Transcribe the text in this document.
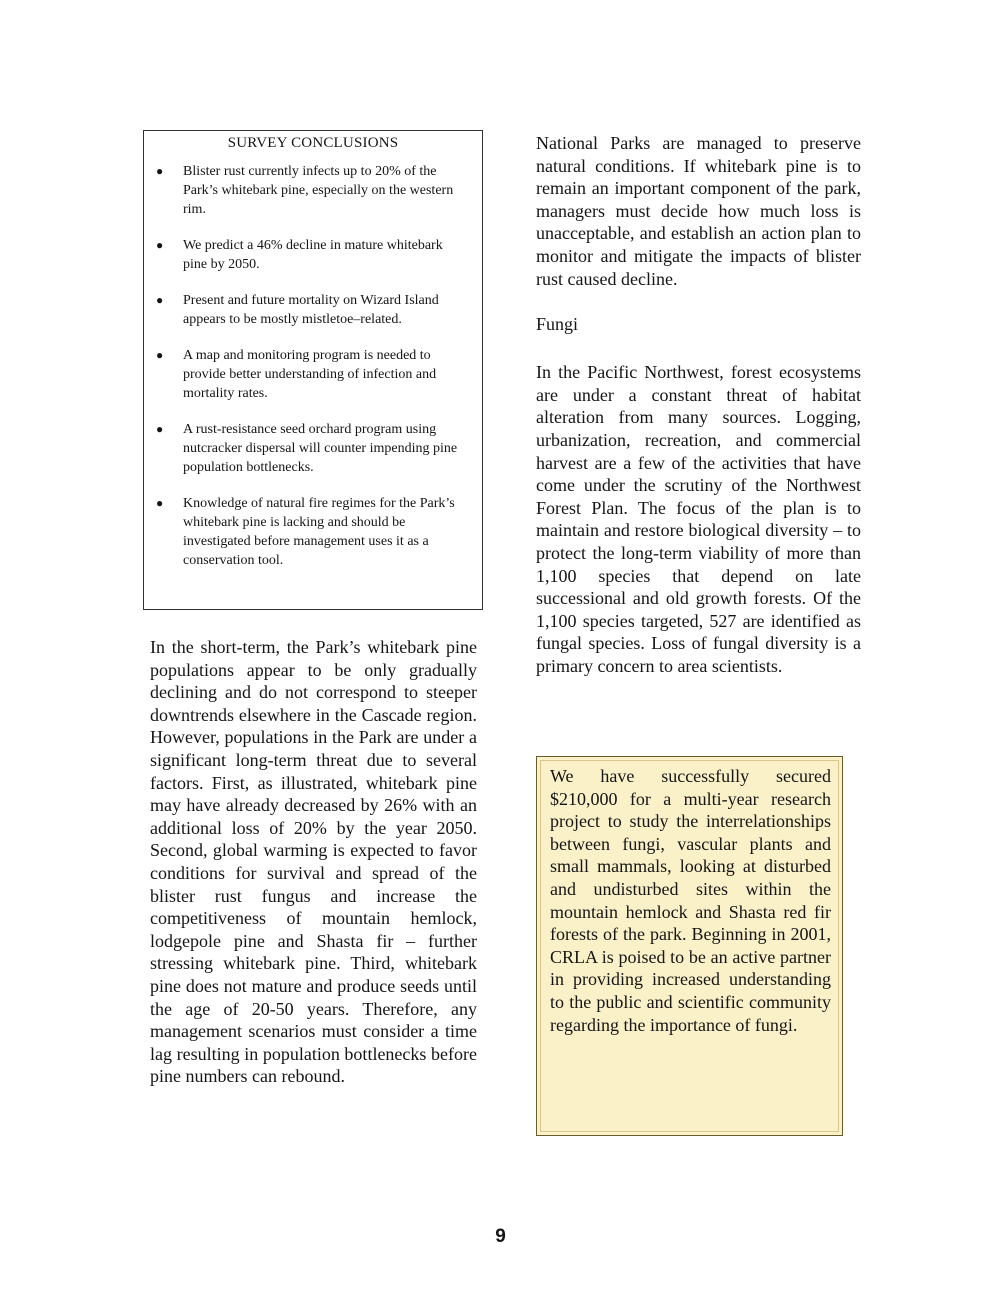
SURVEY CONCLUSIONS
● Blister rust currently infects up to 20% of the Park’s whitebark pine, especially on the western rim.
● We predict a 46% decline in mature whitebark pine by 2050.
● Present and future mortality on Wizard Island appears to be mostly mistletoe–related.
● A map and monitoring program is needed to provide better understanding of infection and mortality rates.
● A rust-resistance seed orchard program using nutcracker dispersal will counter impending pine population bottlenecks.
● Knowledge of natural fire regimes for the Park’s whitebark pine is lacking and should be investigated before management uses it as a conservation tool.

In the short-term, the Park’s whitebark pine populations appear to be only gradually declining and do not correspond to steeper downtrends elsewhere in the Cascade region. However, populations in the Park are under a significant long-term threat due to several factors. First, as illustrated, whitebark pine may have already decreased by 26% with an additional loss of 20% by the year 2050. Second, global warming is expected to favor conditions for survival and spread of the blister rust fungus and increase the competitiveness of mountain hemlock, lodgepole pine and Shasta fir – further stressing whitebark pine. Third, whitebark pine does not mature and produce seeds until the age of 20-50 years. Therefore, any management scenarios must consider a time lag resulting in population bottlenecks before pine numbers can rebound.

National Parks are managed to preserve natural conditions. If whitebark pine is to remain an important component of the park, managers must decide how much loss is unacceptable, and establish an action plan to monitor and mitigate the impacts of blister rust caused decline.

Fungi

In the Pacific Northwest, forest ecosystems are under a constant threat of habitat alteration from many sources. Logging, urbanization, recreation, and commercial harvest are a few of the activities that have come under the scrutiny of the Northwest Forest Plan. The focus of the plan is to maintain and restore biological diversity – to protect the long-term viability of more than 1,100 species that depend on late successional and old growth forests. Of the 1,100 species targeted, 527 are identified as fungal species. Loss of fungal diversity is a primary concern to area scientists.

We have successfully secured $210,000 for a multi-year research project to study the interrelationships between fungi, vascular plants and small mammals, looking at disturbed and undisturbed sites within the mountain hemlock and Shasta red fir forests of the park. Beginning in 2001, CRLA is poised to be an active partner in providing increased understanding to the public and scientific community regarding the importance of fungi.

9
